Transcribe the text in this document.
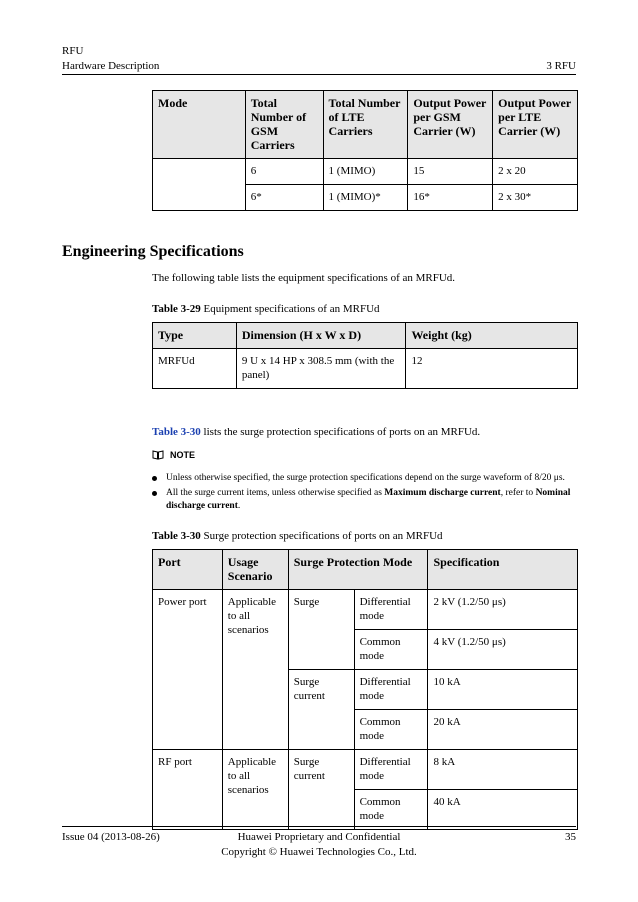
RFU
Hardware Description	3 RFU
Mode	Total Number of GSM Carriers	Total Number of LTE Carriers	Output Power per GSM Carrier (W)	Output Power per LTE Carrier (W)
	6	1 (MIMO)	15	2 x 20
	6*	1 (MIMO)*	16*	2 x 30*
Engineering Specifications
The following table lists the equipment specifications of an MRFUd.
Table 3-29 Equipment specifications of an MRFUd
Type	Dimension (H x W x D)	Weight (kg)
MRFUd	9 U x 14 HP x 308.5 mm (with the panel)	12
Table 3-30 lists the surge protection specifications of ports on an MRFUd.
NOTE
Unless otherwise specified, the surge protection specifications depend on the surge waveform of 8/20 μs.
All the surge current items, unless otherwise specified as Maximum discharge current, refer to Nominal discharge current.
Table 3-30 Surge protection specifications of ports on an MRFUd
Port	Usage Scenario	Surge Protection Mode		Specification
Power port	Applicable to all scenarios	Surge	Differential mode	2 kV (1.2/50 μs)
			Common mode	4 kV (1.2/50 μs)
		Surge current	Differential mode	10 kA
			Common mode	20 kA
RF port	Applicable to all scenarios	Surge current	Differential mode	8 kA
			Common mode	40 kA
Issue 04 (2013-08-26)	Huawei Proprietary and Confidential
Copyright © Huawei Technologies Co., Ltd.
35
